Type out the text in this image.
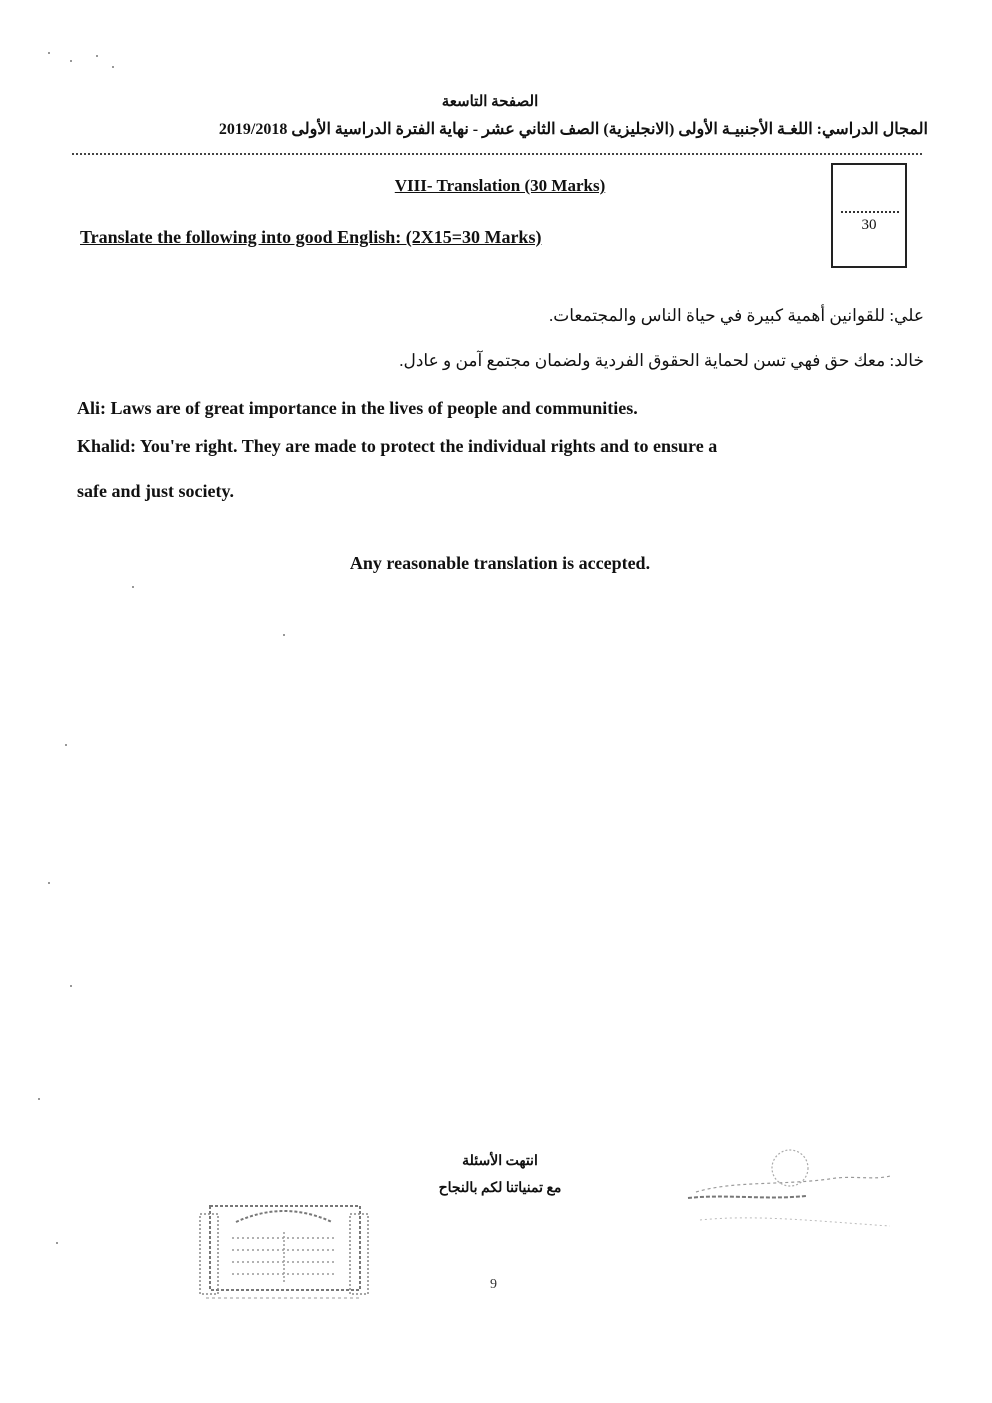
الصفحة التاسعة
المجال الدراسي: اللغـة الأجنبيـة الأولى (الانجليزية) الصف الثاني عشر - نهاية الفترة الدراسية الأولى 2019/2018
VIII- Translation (30 Marks)
Translate the following into good English: (2X15=30 Marks)
30
علي: للقوانين أهمية كبيرة في حياة الناس والمجتمعات.
خالد: معك حق فهي تسن لحماية الحقوق الفردية ولضمان مجتمع آمن و عادل.
Ali: Laws are of great importance in the lives of people and communities.
Khalid: You're right. They are made to protect the individual rights and to ensure a
safe and just society.
Any reasonable translation is accepted.
انتهت الأسئلة
مع تمنياتنا لكم بالنجاح
9
